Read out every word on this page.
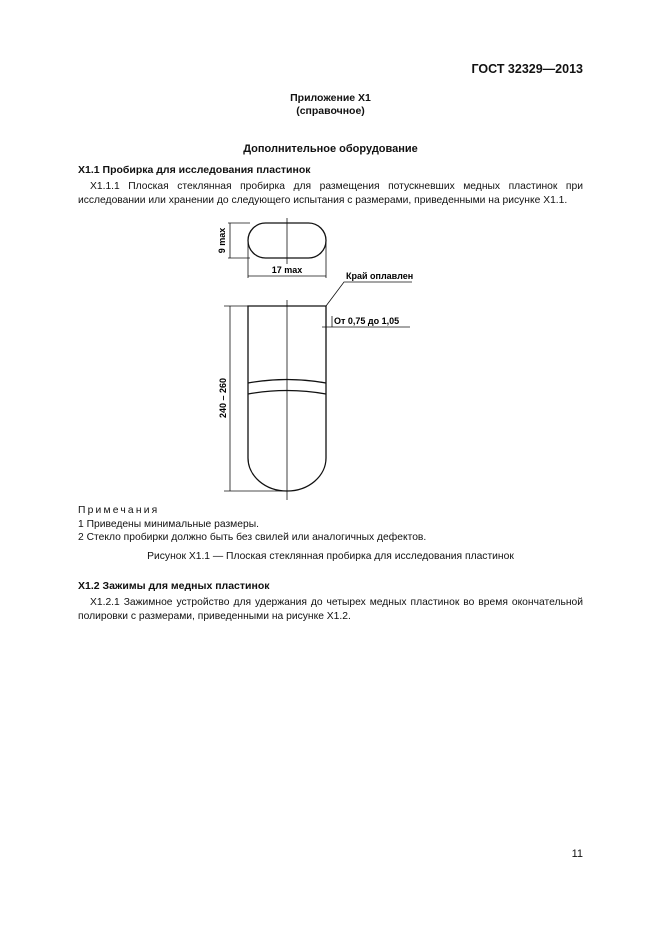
ГОСТ 32329—2013
Приложение Х1
(справочное)
Дополнительное оборудование
Х1.1 Пробирка для исследования пластинок

Х1.1.1 Плоская стеклянная пробирка для размещения потускневших медных пластинок при исследовании или хранении до следующего испытания с размерами, приведенными на рисунке Х1.1.

9 max
17 max
240 – 260
Край оплавлен
От 0,75 до 1,05
Примечания
1 Приведены минимальные размеры.
2 Стекло пробирки должно быть без свилей или аналогичных дефектов.
Рисунок Х1.1 — Плоская стеклянная пробирка для исследования пластинок
Х1.2 Зажимы для медных пластинок

Х1.2.1 Зажимное устройство для удержания до четырех медных пластинок во время окончательной полировки с размерами, приведенными на рисунке Х1.2.

11
